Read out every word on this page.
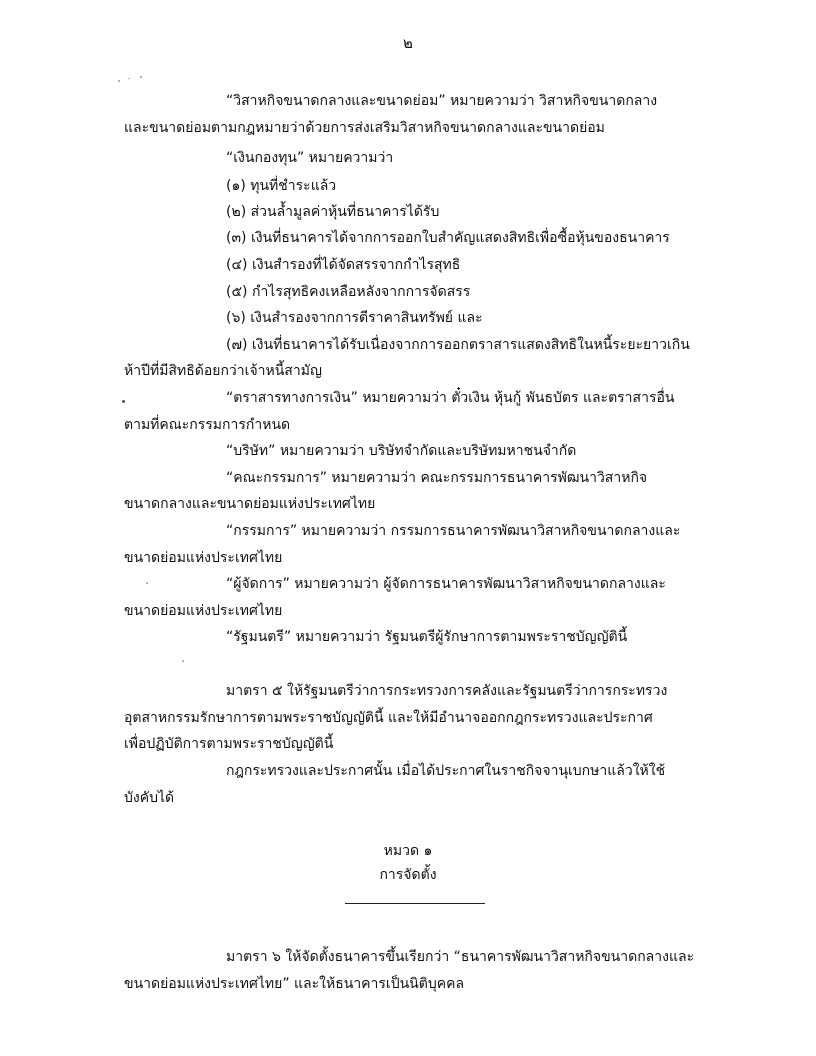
๒
“วิสาหกิจขนาดกลางและขนาดย่อม” หมายความว่า วิสาหกิจขนาดกลาง
และขนาดย่อมตามกฎหมายว่าด้วยการส่งเสริมวิสาหกิจขนาดกลางและขนาดย่อม
“เงินกองทุน” หมายความว่า
(๑) ทุนที่ชำระแล้ว
(๒) ส่วนล้ำมูลค่าหุ้นที่ธนาคารได้รับ
(๓) เงินที่ธนาคารได้จากการออกใบสำคัญแสดงสิทธิเพื่อซื้อหุ้นของธนาคาร
(๔) เงินสำรองที่ได้จัดสรรจากกำไรสุทธิ
(๕) กำไรสุทธิคงเหลือหลังจากการจัดสรร
(๖) เงินสำรองจากการตีราคาสินทรัพย์ และ
(๗) เงินที่ธนาคารได้รับเนื่องจากการออกตราสารแสดงสิทธิในหนี้ระยะยาวเกิน
ห้าปีที่มีสิทธิด้อยกว่าเจ้าหนี้สามัญ
“ตราสารทางการเงิน” หมายความว่า ตั๋วเงิน หุ้นกู้ พันธบัตร และตราสารอื่น
ตามที่คณะกรรมการกำหนด
“บริษัท” หมายความว่า บริษัทจำกัดและบริษัทมหาชนจำกัด
“คณะกรรมการ” หมายความว่า คณะกรรมการธนาคารพัฒนาวิสาหกิจ
ขนาดกลางและขนาดย่อมแห่งประเทศไทย
“กรรมการ” หมายความว่า กรรมการธนาคารพัฒนาวิสาหกิจขนาดกลางและ
ขนาดย่อมแห่งประเทศไทย
“ผู้จัดการ” หมายความว่า ผู้จัดการธนาคารพัฒนาวิสาหกิจขนาดกลางและ
ขนาดย่อมแห่งประเทศไทย
“รัฐมนตรี” หมายความว่า รัฐมนตรีผู้รักษาการตามพระราชบัญญัตินี้
มาตรา ๕ ให้รัฐมนตรีว่าการกระทรวงการคลังและรัฐมนตรีว่าการกระทรวง
อุตสาหกรรมรักษาการตามพระราชบัญญัตินี้ และให้มีอำนาจออกกฎกระทรวงและประกาศ
เพื่อปฏิบัติการตามพระราชบัญญัตินี้
กฎกระทรวงและประกาศนั้น เมื่อได้ประกาศในราชกิจจานุเบกษาแล้วให้ใช้
บังคับได้
หมวด ๑
การจัดตั้ง
มาตรา ๖ ให้จัดตั้งธนาคารขึ้นเรียกว่า “ธนาคารพัฒนาวิสาหกิจขนาดกลางและ
ขนาดย่อมแห่งประเทศไทย” และให้ธนาคารเป็นนิติบุคคล
